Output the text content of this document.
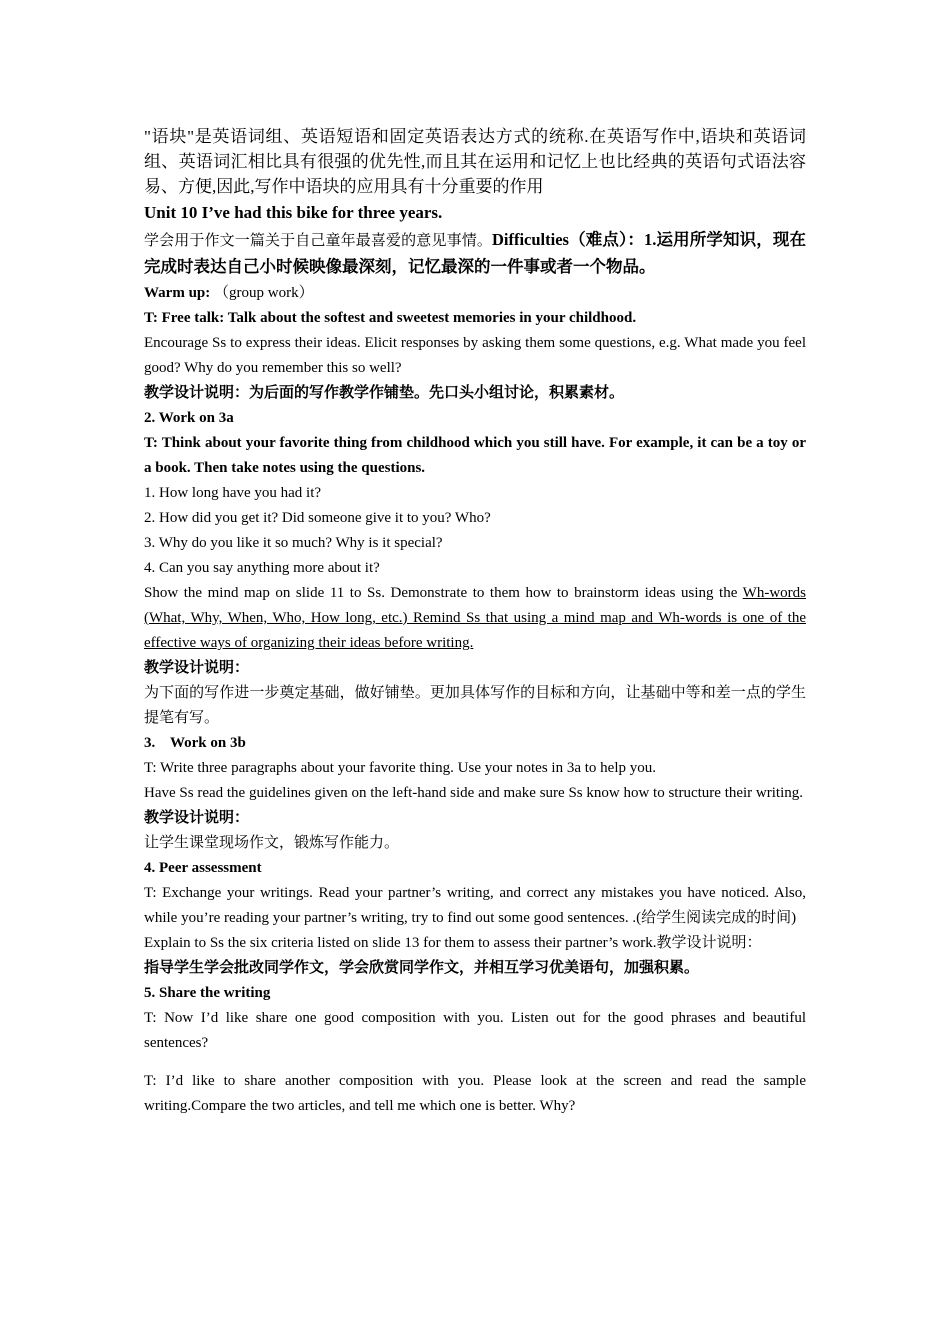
"语块"是英语词组、英语短语和固定英语表达方式的统称.在英语写作中,语块和英语词组、英语词汇相比具有很强的优先性,而且其在运用和记忆上也比经典的英语句式语法容易、方便,因此,写作中语块的应用具有十分重要的作用

Unit 10 I’ve had this bike for three years.

学会用于作文一篇关于自己童年最喜爱的意见事情。Difficulties（难点）：1.运用所学知识，现在完成时表达自己小时候映像最深刻，记忆最深的一件事或者一个物品。

Warm up: （group work）

T: Free talk: Talk about the softest and sweetest memories in your childhood.

Encourage Ss to express their ideas. Elicit responses by asking them some questions, e.g. What made you feel good? Why do you remember this so well?

教学设计说明：为后面的写作教学作铺垫。先口头小组讨论，积累素材。

2. Work on 3a

T: Think about your favorite thing from childhood which you still have. For example, it can be a toy or a book. Then take notes using the questions.

1. How long have you had it?

2. How did you get it? Did someone give it to you? Who?

3. Why do you like it so much? Why is it special?

4. Can you say anything more about it?

Show the mind map on slide 11 to Ss. Demonstrate to them how to brainstorm ideas using the Wh-words (What, Why, When, Who, How long, etc.) Remind Ss that using a mind map and Wh-words is one of the effective ways of organizing their ideas before writing.

教学设计说明：

为下面的写作进一步奠定基础，做好铺垫。更加具体写作的目标和方向，让基础中等和差一点的学生提笔有写。

3.    Work on 3b

T: Write three paragraphs about your favorite thing. Use your notes in 3a to help you.

Have Ss read the guidelines given on the left-hand side and make sure Ss know how to structure their writing.

教学设计说明：

让学生课堂现场作文，锻炼写作能力。

4. Peer assessment

T: Exchange your writings. Read your partner’s writing, and correct any mistakes you have noticed. Also, while you’re reading your partner’s writing, try to find out some good sentences. .(给学生阅读完成的时间)

Explain to Ss the six criteria listed on slide 13 for them to assess their partner’s work.教学设计说明：

指导学生学会批改同学作文，学会欣赏同学作文，并相互学习优美语句，加强积累。

5. Share the writing

T: Now I’d like share one good composition with you. Listen out for the good phrases and beautiful sentences?

T: I’d like to share another composition with you. Please look at the screen and read the sample writing.Compare the two articles, and tell me which one is better. Why?
